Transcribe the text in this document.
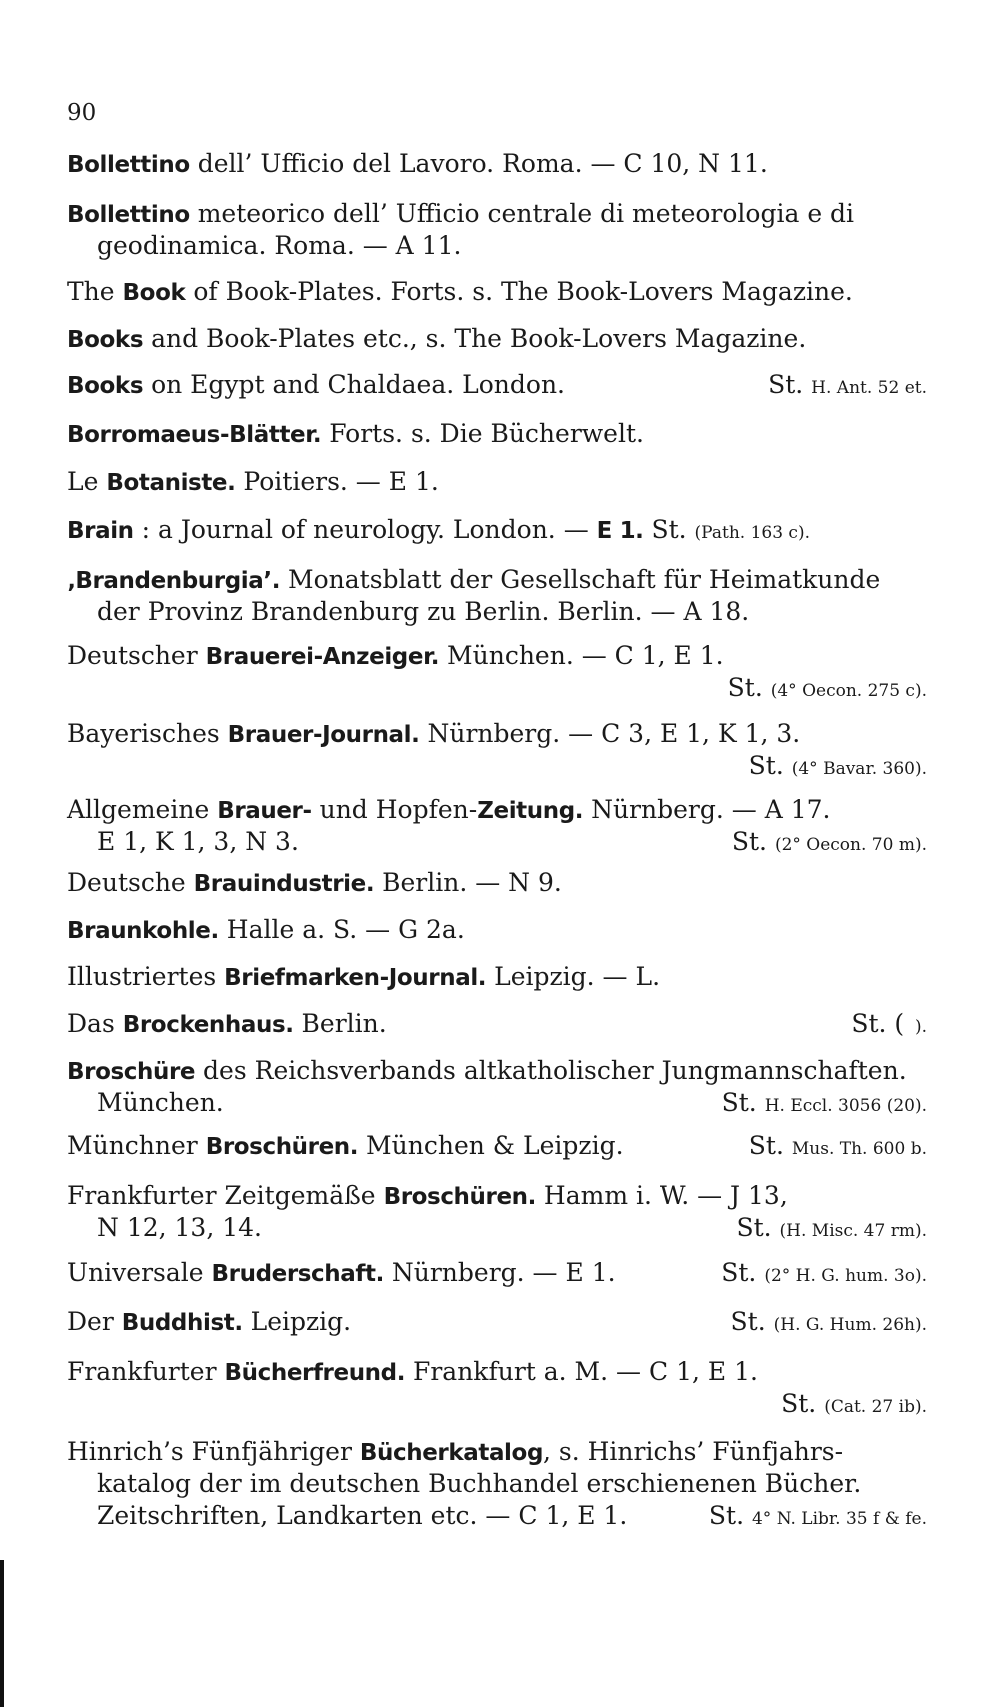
90
Bollettino dell’ Ufficio del Lavoro. Roma. — C 10, N 11.
Bollettino meteorico dell’ Ufficio centrale di meteorologia e di
geodinamica. Roma. — A 11.
The Book of Book-Plates. Forts. s. The Book-Lovers Magazine.
Books and Book-Plates etc., s. The Book-Lovers Magazine.
Books on Egypt and Chaldaea. London.	St. H. Ant. 52 et.
Borromaeus-Blätter. Forts. s. Die Bücherwelt.
Le Botaniste. Poitiers. — E 1.
Brain : a Journal of neurology. London. — E 1. St. (Path. 163 c).
‚Brandenburgia’. Monatsblatt der Gesellschaft für Heimatkunde
der Provinz Brandenburg zu Berlin. Berlin. — A 18.
Deutscher Brauerei-Anzeiger. München. — C 1, E 1.
St. (4° Oecon. 275 c).
Bayerisches Brauer-Journal. Nürnberg. — C 3, E 1, K 1, 3.
St. (4° Bavar. 360).
Allgemeine Brauer- und Hopfen-Zeitung. Nürnberg. — A 17.
E 1, K 1, 3, N 3.	St. (2° Oecon. 70 m).
Deutsche Brauindustrie. Berlin. — N 9.
Braunkohle. Halle a. S. — G 2a.
Illustriertes Briefmarken-Journal. Leipzig. — L.
Das Brockenhaus. Berlin.	St. (  ).
Broschüre des Reichsverbands altkatholischer Jungmannschaften.
München.	St. H. Eccl. 3056 (20).
Münchner Broschüren. München & Leipzig.	St. Mus. Th. 600 b.
Frankfurter Zeitgemäße Broschüren. Hamm i. W. — J 13,
N 12, 13, 14.	St. (H. Misc. 47 rm).
Universale Bruderschaft. Nürnberg. — E 1.	St. (2° H. G. hum. 3o).
Der Buddhist. Leipzig.	St. (H. G. Hum. 26h).
Frankfurter Bücherfreund. Frankfurt a. M. — C 1, E 1.
St. (Cat. 27 ib).
Hinrich’s Fünfjähriger Bücherkatalog, s. Hinrichs’ Fünfjahrs-
katalog der im deutschen Buchhandel erschienenen Bücher.
Zeitschriften, Landkarten etc. — C 1, E 1.	St. 4° N. Libr. 35 f & fe.
